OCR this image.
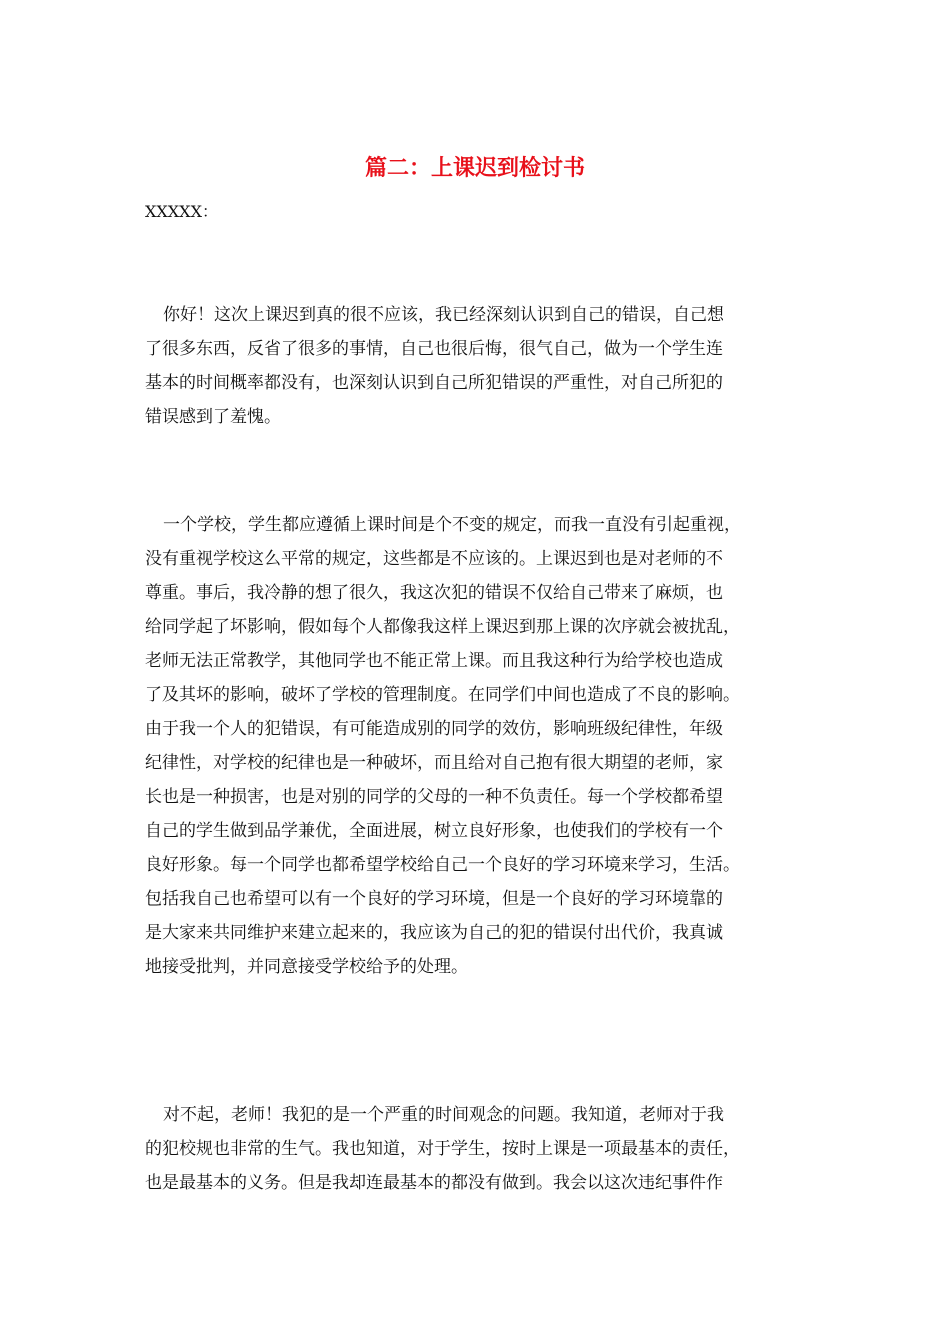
篇二：上课迟到检讨书

XXXXX：

你好！这次上课迟到真的很不应该，我已经深刻认识到自己的错误，自己想
了很多东西，反省了很多的事情，自己也很后悔，很气自己，做为一个学生连
基本的时间概率都没有，也深刻认识到自己所犯错误的严重性，对自己所犯的
错误感到了羞愧。
一个学校，学生都应遵循上课时间是个不变的规定，而我一直没有引起重视，
没有重视学校这么平常的规定，这些都是不应该的。上课迟到也是对老师的不
尊重。事后，我冷静的想了很久，我这次犯的错误不仅给自己带来了麻烦，也
给同学起了坏影响，假如每个人都像我这样上课迟到那上课的次序就会被扰乱，
老师无法正常教学，其他同学也不能正常上课。而且我这种行为给学校也造成
了及其坏的影响，破坏了学校的管理制度。在同学们中间也造成了不良的影响。
由于我一个人的犯错误，有可能造成别的同学的效仿，影响班级纪律性，年级
纪律性，对学校的纪律也是一种破坏，而且给对自己抱有很大期望的老师，家
长也是一种损害，也是对别的同学的父母的一种不负责任。每一个学校都希望
自己的学生做到品学兼优，全面进展，树立良好形象，也使我们的学校有一个
良好形象。每一个同学也都希望学校给自己一个良好的学习环境来学习，生活。
包括我自己也希望可以有一个良好的学习环境，但是一个良好的学习环境靠的
是大家来共同维护来建立起来的，我应该为自己的犯的错误付出代价，我真诚
地接受批判，并同意接受学校给予的处理。
对不起，老师！我犯的是一个严重的时间观念的问题。我知道，老师对于我
的犯校规也非常的生气。我也知道，对于学生，按时上课是一项最基本的责任，
也是最基本的义务。但是我却连最基本的都没有做到。我会以这次违纪事件作
